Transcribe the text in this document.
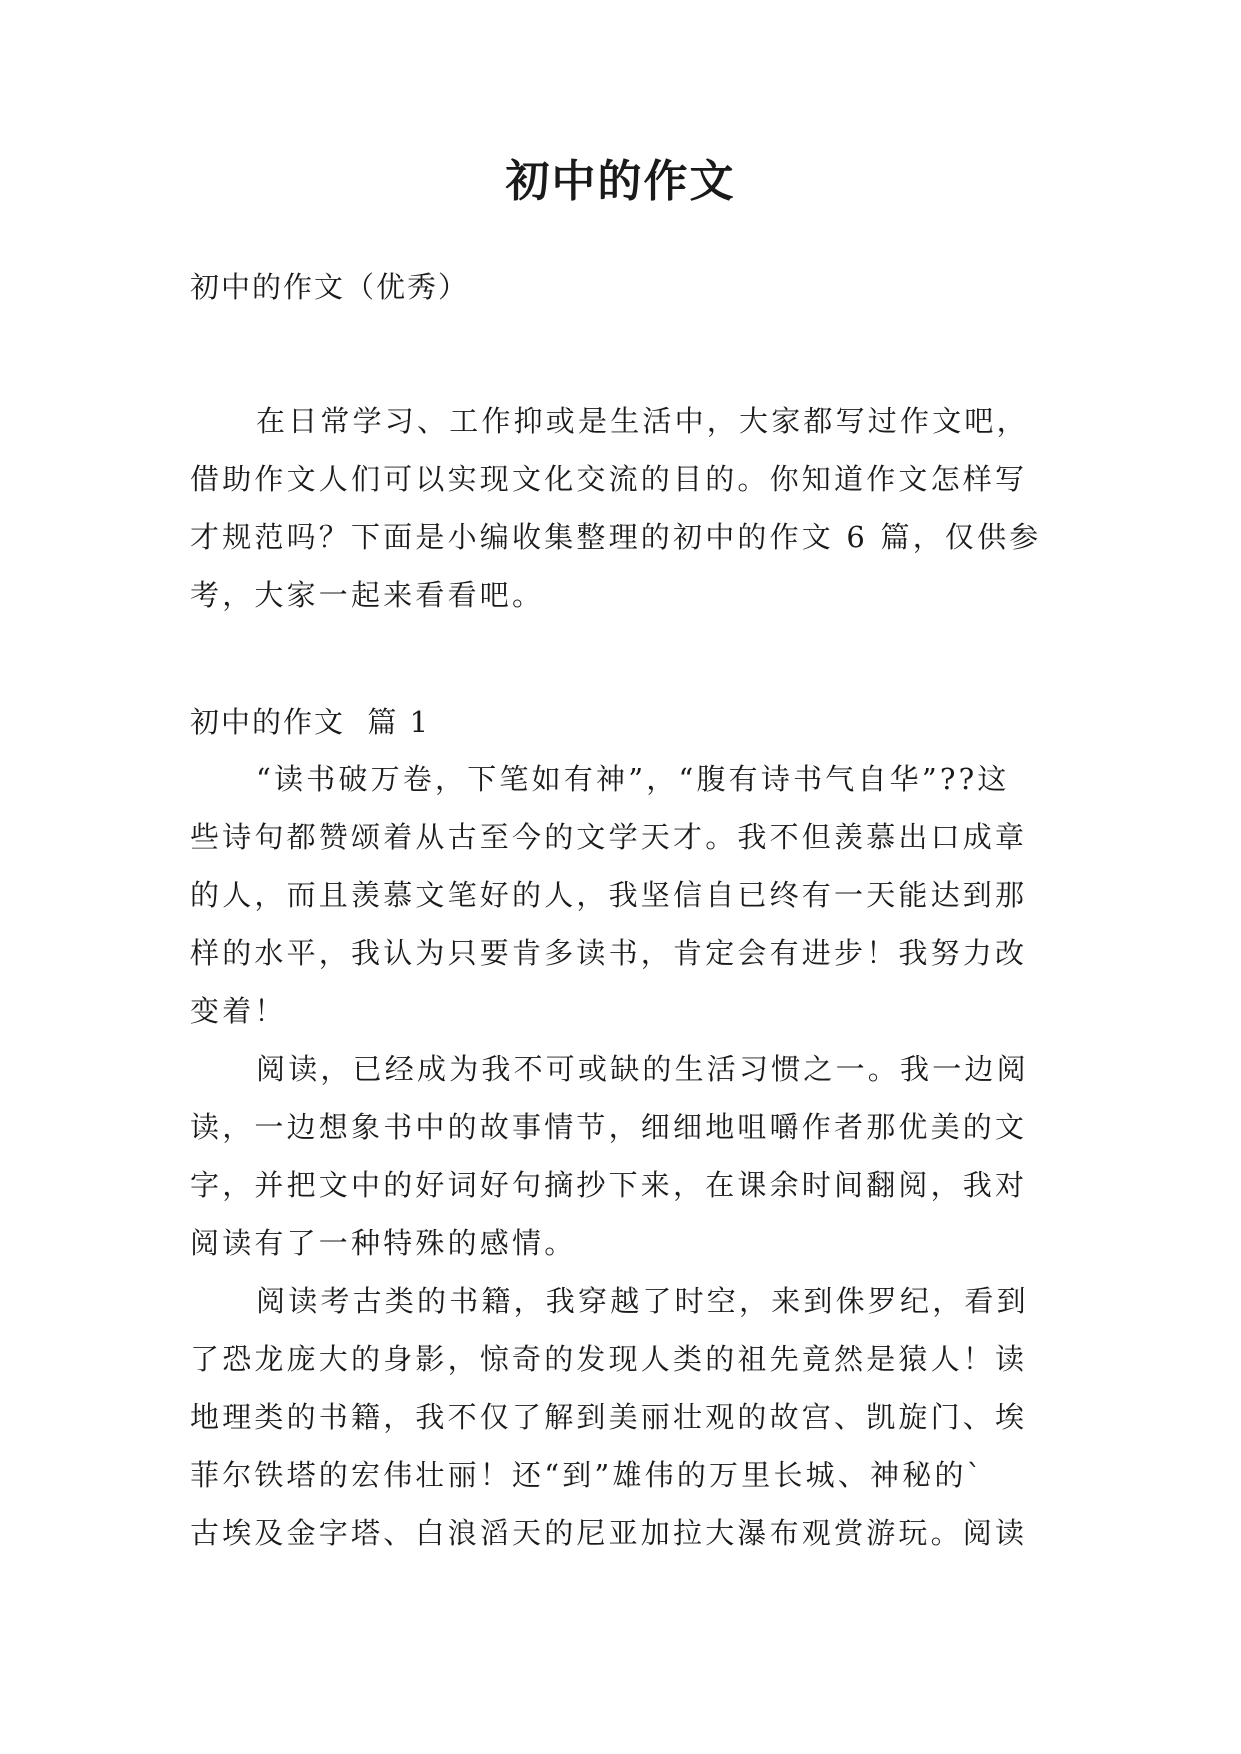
初中的作文
初中的作文（优秀）
在日常学习、工作抑或是生活中，大家都写过作文吧，
借助作文人们可以实现文化交流的目的。你知道作文怎样写
才规范吗？下面是小编收集整理的初中的作文 6 篇，仅供参
考，大家一起来看看吧。
初中的作文  篇 1
“读书破万卷，下笔如有神”，“腹有诗书气自华”??这
些诗句都赞颂着从古至今的文学天才。我不但羡慕出口成章
的人，而且羡慕文笔好的人，我坚信自已终有一天能达到那
样的水平，我认为只要肯多读书，肯定会有进步！我努力改
变着！
阅读，已经成为我不可或缺的生活习惯之一。我一边阅
读，一边想象书中的故事情节，细细地咀嚼作者那优美的文
字，并把文中的好词好句摘抄下来，在课余时间翻阅，我对
阅读有了一种特殊的感情。
阅读考古类的书籍，我穿越了时空，来到侏罗纪，看到
了恐龙庞大的身影，惊奇的发现人类的祖先竟然是猿人！读
地理类的书籍，我不仅了解到美丽壮观的故宫、凯旋门、埃
菲尔铁塔的宏伟壮丽！还“到”雄伟的万里长城、神秘的`
古埃及金字塔、白浪滔天的尼亚加拉大瀑布观赏游玩。阅读
